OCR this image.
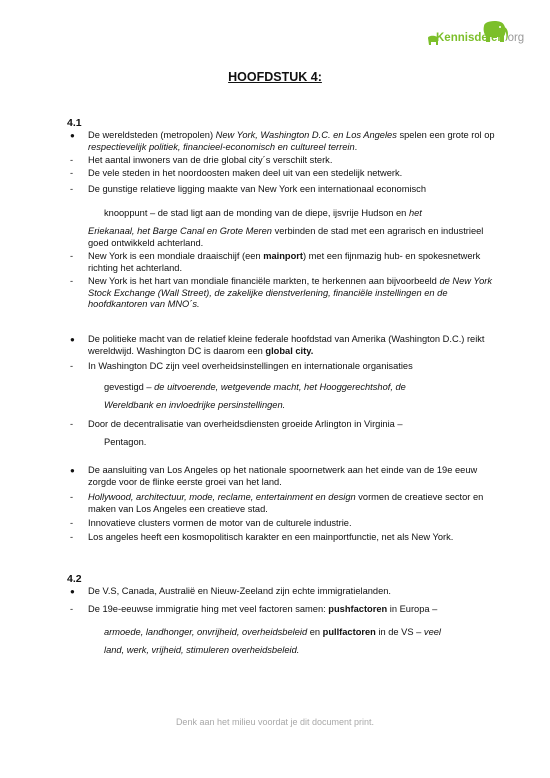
Kennisdelen.org
HOOFDSTUK 4:
4.1
● De wereldsteden (metropolen) New York, Washington D.C. en Los Angeles spelen een grote rol op respectievelijk politiek, financieel-economisch en cultureel terrein.
- Het aantal inwoners van de drie global city´s verschilt sterk.
- De vele steden in het noordoosten maken deel uit van een stedelijk netwerk.
- De gunstige relatieve ligging maakte van New York een internationaal economisch
knooppunt – de stad ligt aan de monding van de diepe, ijsvrije Hudson en het
Eriekanaal, het Barge Canal en Grote Meren verbinden de stad met een agrarisch en industrieel goed ontwikkeld achterland.
- New York is een mondiale draaischijf (een mainport) met een fijnmazig hub- en spokesnetwerk richting het achterland.
- New York is het hart van mondiale financiële markten, te herkennen aan bijvoorbeeld de New York Stock Exchange (Wall Street), de zakelijke dienstverlening, financiële instellingen en de hoofdkantoren van MNO´s.
● De politieke macht van de relatief kleine federale hoofdstad van Amerika (Washington D.C.) reikt wereldwijd. Washington DC is daarom een global city.
- In Washington DC zijn veel overheidsinstellingen en internationale organisaties
gevestigd – de uitvoerende, wetgevende macht, het Hooggerechtshof, de
Wereldbank en invloedrijke persinstellingen.
- Door de decentralisatie van overheidsdiensten groeide Arlington in Virginia –
Pentagon.
● De aansluiting van Los Angeles op het nationale spoornetwerk aan het einde van de 19e eeuw zorgde voor de flinke eerste groei van het land.
- Hollywood, architectuur, mode, reclame, entertainment en design vormen de creatieve sector en maken van Los Angeles een creatieve stad.
- Innovatieve clusters vormen de motor van de culturele industrie.
- Los angeles heeft een kosmopolitisch karakter en een mainportfunctie, net als New York.
4.2
● De V.S, Canada, Australië en Nieuw-Zeeland zijn echte immigratielanden.
- De 19e-eeuwse immigratie hing met veel factoren samen: pushfactoren in Europa –
armoede, landhonger, onvrijheid, overheidsbeleid en pullfactoren in de VS – veel
land, werk, vrijheid, stimuleren overheidsbeleid.
Denk aan het milieu voordat je dit document print.
